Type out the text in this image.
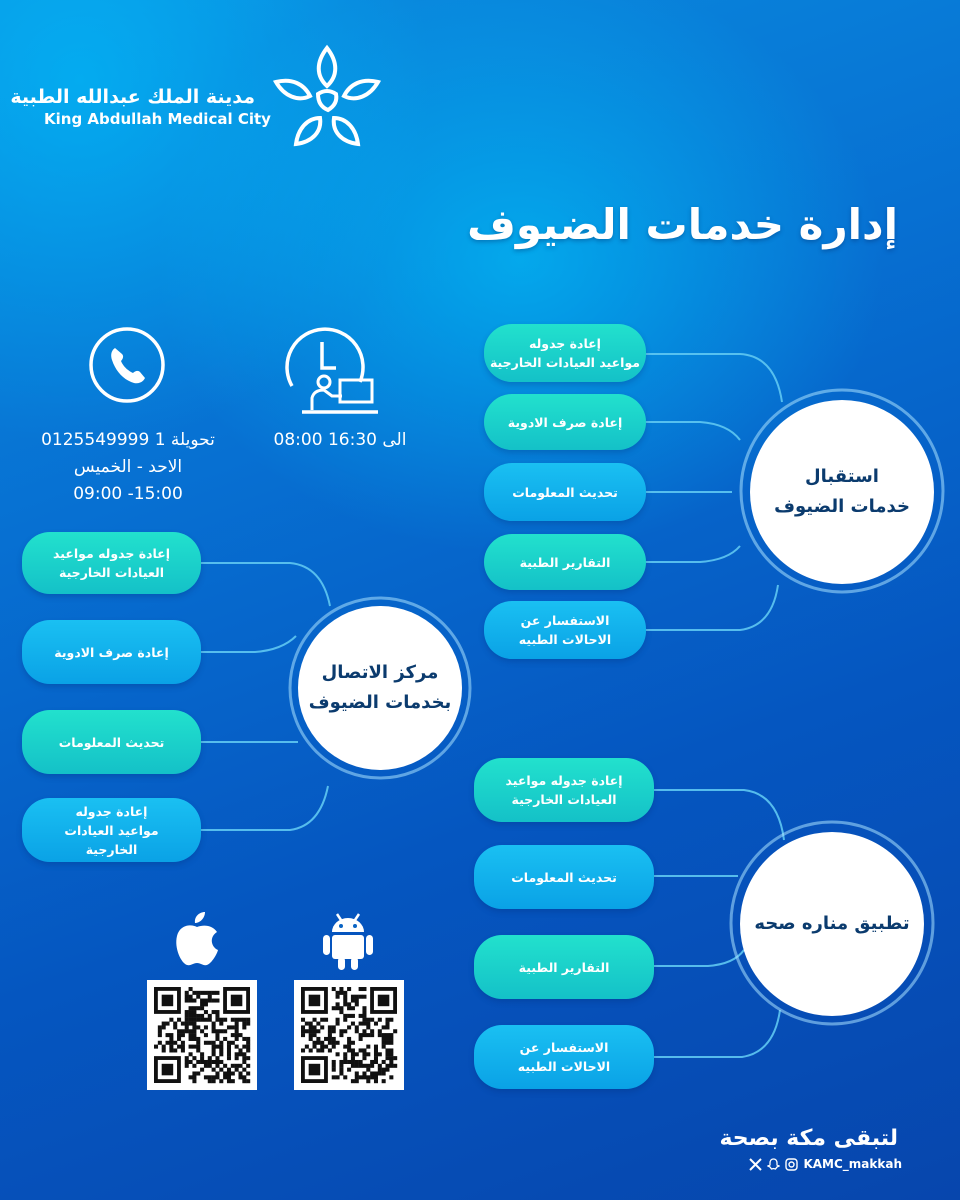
مدينة الملك عبدالله الطبية
King Abdullah Medical City
إدارة خدمات الضيوف
0125549999 تحويلة 1
الاحد - الخميس
09:00 -15:00
08:00 الى 16:30
إعادة جدوله
مواعيد العيادات الخارجية
إعادة صرف الادوية
تحديث المعلومات
التقارير الطبية
الاستفسار عن
الاحالات الطبيه
استقبال
خدمات الضيوف
إعادة جدوله مواعيد
العيادات الخارجية
إعادة صرف الادوية
تحديث المعلومات
إعادة جدوله
مواعيد العيادات
الخارجية
مركز الاتصال
بخدمات الضيوف
إعادة جدوله مواعيد
العيادات الخارجية
تحديث المعلومات
التقارير الطبية
الاستفسار عن
الاحالات الطبيه
تطبيق مناره صحه
لتبقى مكة بصحة
KAMC_makkah
